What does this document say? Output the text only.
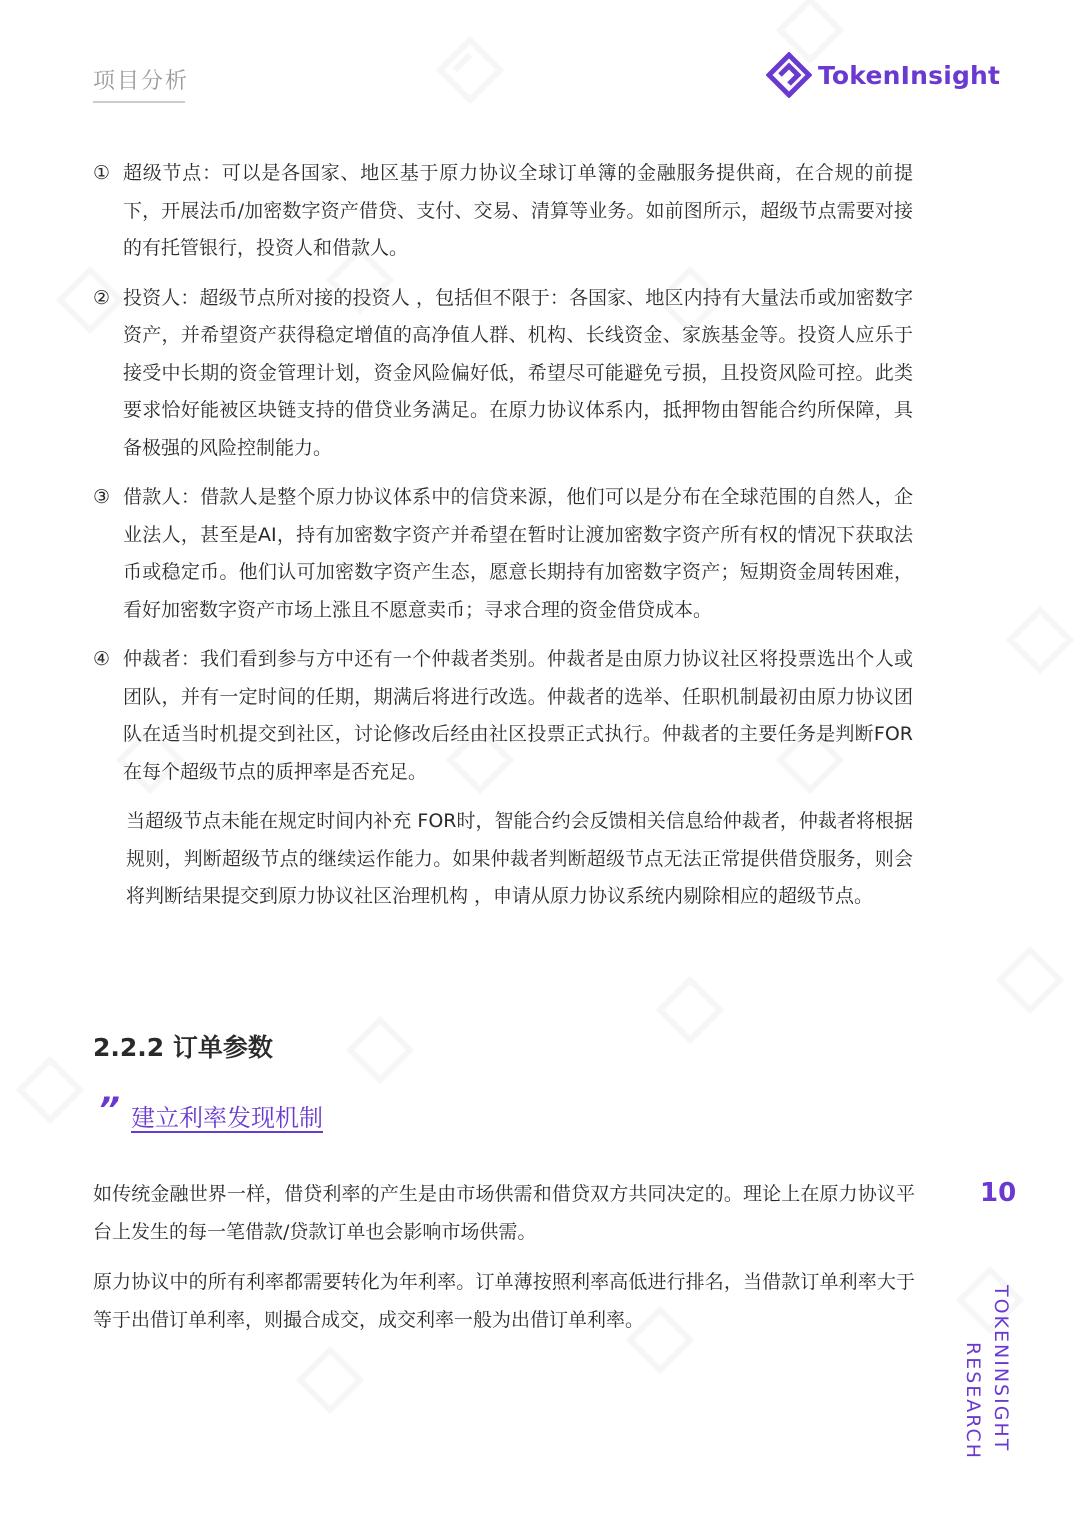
项目分析	TokenInsight
① 超级节点：可以是各国家、地区基于原力协议全球订单簿的金融服务提供商，在合规的前提下，开展法币/加密数字资产借贷、支付、交易、清算等业务。如前图所示，超级节点需要对接的有托管银行，投资人和借款人。
② 投资人：超级节点所对接的投资人 ，包括但不限于：各国家、地区内持有大量法币或加密数字资产，并希望资产获得稳定增值的高净值人群、机构、长线资金、家族基金等。投资人应乐于接受中长期的资金管理计划，资金风险偏好低，希望尽可能避免亏损，且投资风险可控。此类要求恰好能被区块链支持的借贷业务满足。在原力协议体系内，抵押物由智能合约所保障，具备极强的风险控制能力。
③ 借款人：借款人是整个原力协议体系中的信贷来源，他们可以是分布在全球范围的自然人，企业法人，甚至是AI，持有加密数字资产并希望在暂时让渡加密数字资产所有权的情况下获取法币或稳定币。他们认可加密数字资产生态，愿意长期持有加密数字资产；短期资金周转困难，看好加密数字资产市场上涨且不愿意卖币；寻求合理的资金借贷成本。
④ 仲裁者：我们看到参与方中还有一个仲裁者类别。仲裁者是由原力协议社区将投票选出个人或团队，并有一定时间的任期，期满后将进行改选。仲裁者的选举、任职机制最初由原力协议团队在适当时机提交到社区，讨论修改后经由社区投票正式执行。仲裁者的主要任务是判断FOR在每个超级节点的质押率是否充足。
当超级节点未能在规定时间内补充 FOR时，智能合约会反馈相关信息给仲裁者，仲裁者将根据规则，判断超级节点的继续运作能力。如果仲裁者判断超级节点无法正常提供借贷服务，则会将判断结果提交到原力协议社区治理机构 ，申请从原力协议系统内剔除相应的超级节点。
2.2.2 订单参数
” 建立利率发现机制

如传统金融世界一样，借贷利率的产生是由市场供需和借贷双方共同决定的。理论上在原力协议平台上发生的每一笔借款/贷款订单也会影响市场供需。

原力协议中的所有利率都需要转化为年利率。订单薄按照利率高低进行排名，当借款订单利率大于等于出借订单利率，则撮合成交，成交利率一般为出借订单利率。

10
TOKENINSIGHT
RESEARCH
